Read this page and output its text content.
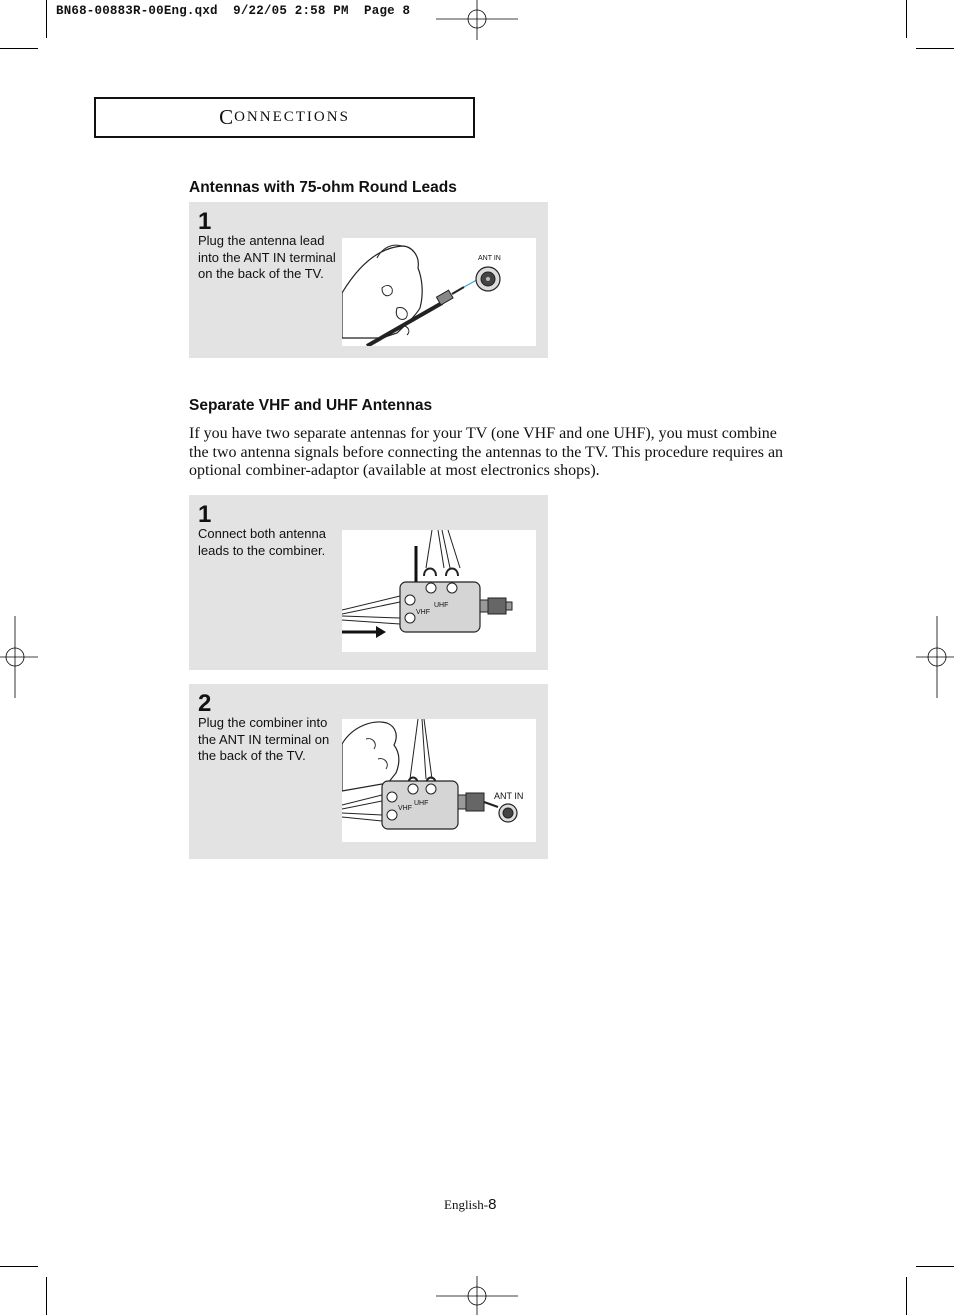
BN68-00883R-00Eng.qxd  9/22/05 2:58 PM  Page 8
C ONNECTIONS
Antennas with 75-ohm Round Leads
1
Plug the antenna lead into the ANT IN terminal on the back of the TV.
ANT IN
Separate VHF and UHF Antennas
If you have two separate antennas for your TV (one VHF and one UHF), you must combine the two antenna signals before connecting the antennas to the TV. This procedure requires an optional combiner-adaptor (available at most electronics shops).
1
Connect both antenna leads to the combiner.
VHF
UHF
2
Plug the combiner into the ANT IN terminal on the back of the TV.
VHF
UHF
ANT IN
English-8
